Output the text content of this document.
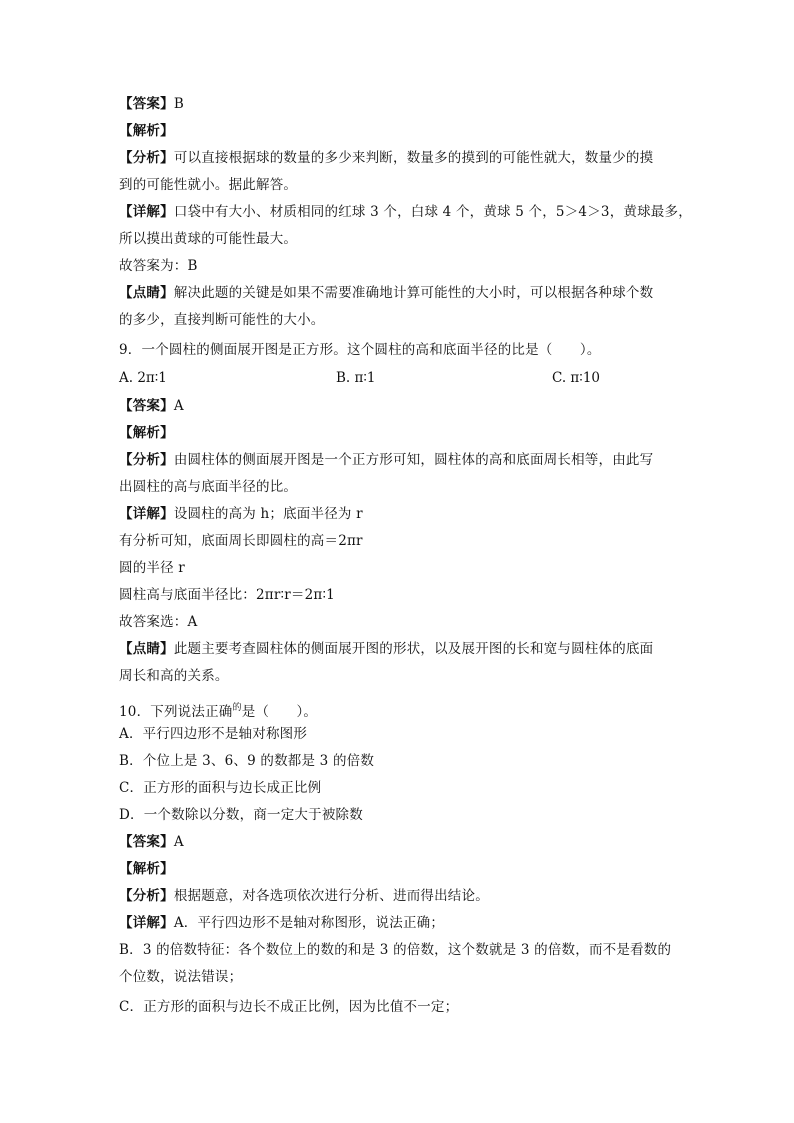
【答案】B
【解析】
【分析】可以直接根据球的数量的多少来判断，数量多的摸到的可能性就大，数量少的摸
到的可能性就小。据此解答。
【详解】口袋中有大小、材质相同的红球 3 个，白球 4 个，黄球 5 个，5＞4＞3，黄球最多，
所以摸出黄球的可能性最大。
故答案为：B
【点睛】解决此题的关键是如果不需要准确地计算可能性的大小时，可以根据各种球个数
的多少，直接判断可能性的大小。
9．一个圆柱的侧面展开图是正方形。这个圆柱的高和底面半径的比是（　　）。
A. 2π∶1	B. π∶1	C. π∶10
【答案】A
【解析】
【分析】由圆柱体的侧面展开图是一个正方形可知，圆柱体的高和底面周长相等，由此写
出圆柱的高与底面半径的比。
【详解】设圆柱的高为 h；底面半径为 r
有分析可知，底面周长即圆柱的高＝2πr
圆的半径 r
圆柱高与底面半径比：2πr∶r＝2π∶1
故答案选：A
【点睛】此题主要考查圆柱体的侧面展开图的形状，以及展开图的长和宽与圆柱体的底面
周长和高的关系。
10．下列说法正确$^的$是（　　）。
A．平行四边形不是轴对称图形
B．个位上是 3、6、9 的数都是 3 的倍数
C．正方形的面积与边长成正比例
D．一个数除以分数，商一定大于被除数
【答案】A
【解析】
【分析】根据题意，对各选项依次进行分析、进而得出结论。
【详解】A．平行四边形不是轴对称图形，说法正确；
B．3 的倍数特征：各个数位上的数的和是 3 的倍数，这个数就是 3 的倍数，而不是看数的
个位数，说法错误；
C．正方形的面积与边长不成正比例，因为比值不一定；
